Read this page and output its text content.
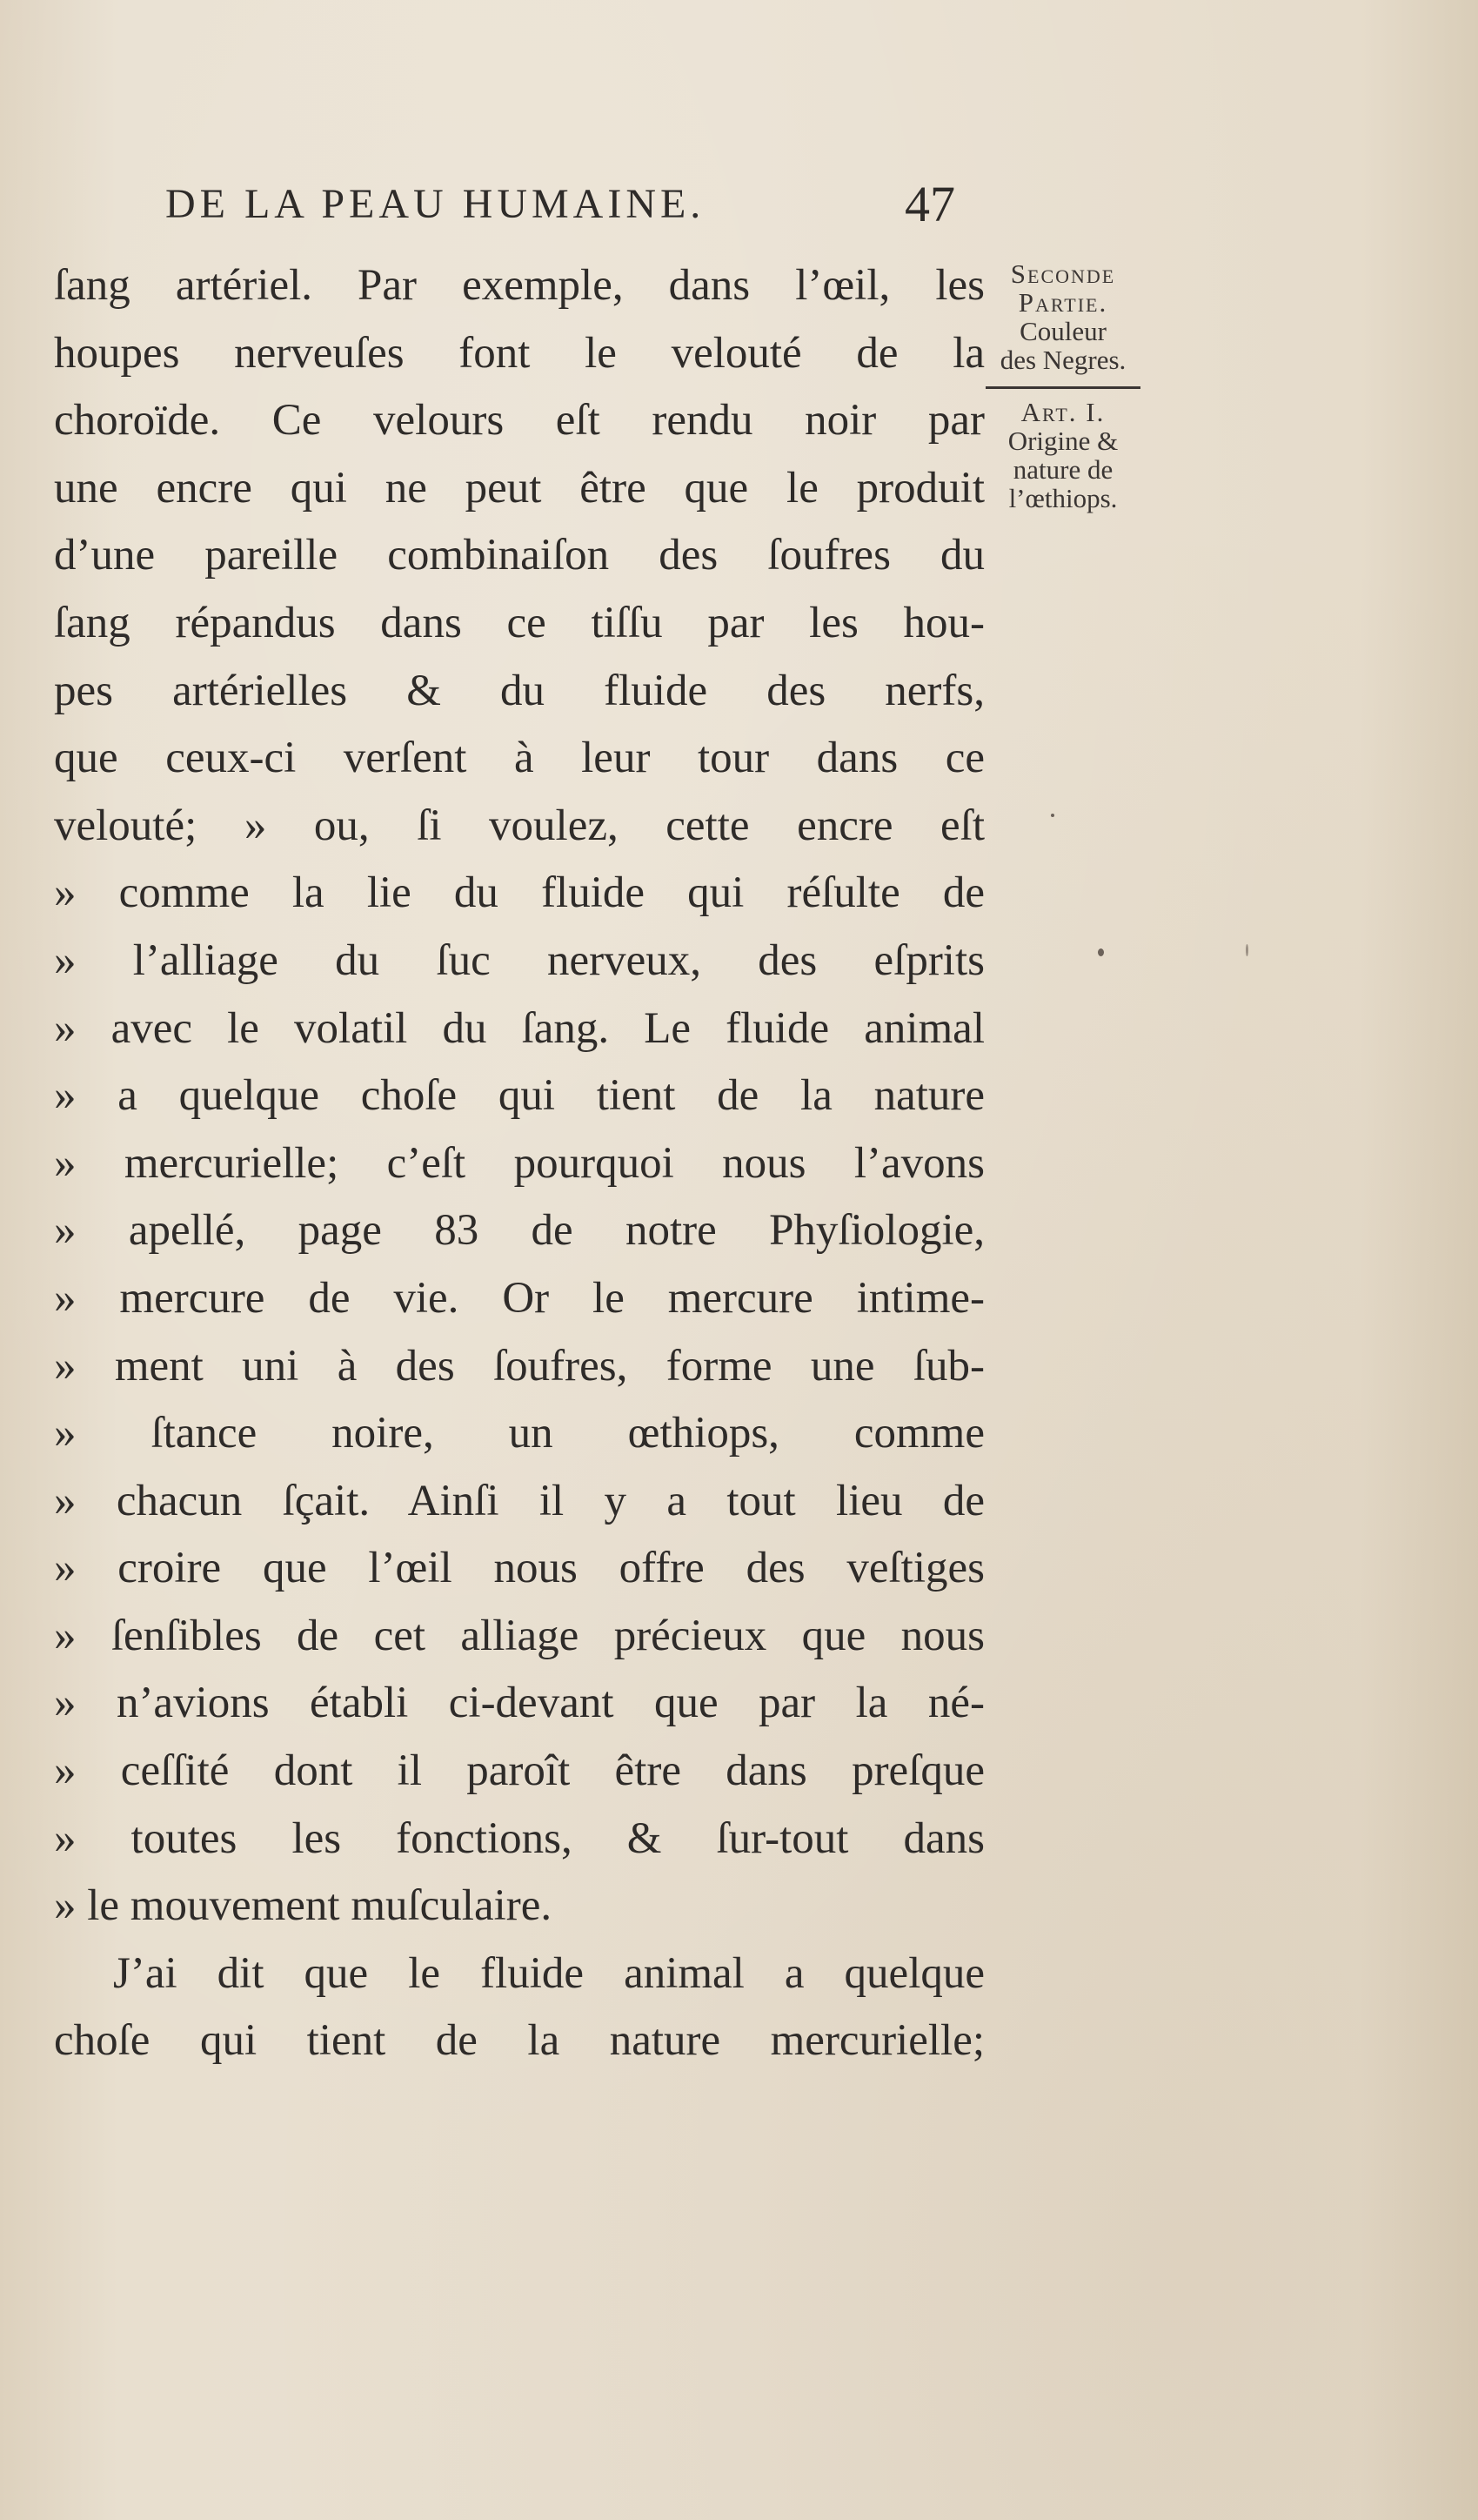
DE LA PEAU HUMAINE.	47
ſang artériel. Par exemple, dans l’œil, les
houpes nerveuſes font le velouté de la
choroïde. Ce velours eſt rendu noir par
une encre qui ne peut être que le produit
d’une pareille combinaiſon des ſoufres du
ſang répandus dans ce tiſſu par les hou-
pes artérielles & du fluide des nerfs,
que ceux-ci verſent à leur tour dans ce
velouté; » ou, ſi voulez, cette encre eſt
» comme la lie du fluide qui réſulte de
» l’alliage du ſuc nerveux, des eſprits
» avec le volatil du ſang. Le fluide animal
» a quelque choſe qui tient de la nature
» mercurielle; c’eſt pourquoi nous l’avons
» apellé, page 83 de notre Phyſiologie,
» mercure de vie. Or le mercure intime-
» ment uni à des ſoufres, forme une ſub-
» ſtance noire, un œthiops, comme
» chacun ſçait. Ainſi il y a tout lieu de
» croire que l’œil nous offre des veſtiges
» ſenſibles de cet alliage précieux que nous
» n’avions établi ci-devant que par la né-
» ceſſité dont il paroît être dans preſque
» toutes les fonctions, & ſur-tout dans
» le mouvement muſculaire.
J’ai dit que le fluide animal a quelque
choſe qui tient de la nature mercurielle;
Seconde
Partie.
Couleur
des Negres.
Art. I.
Origine &
nature de
l’œthiops.
